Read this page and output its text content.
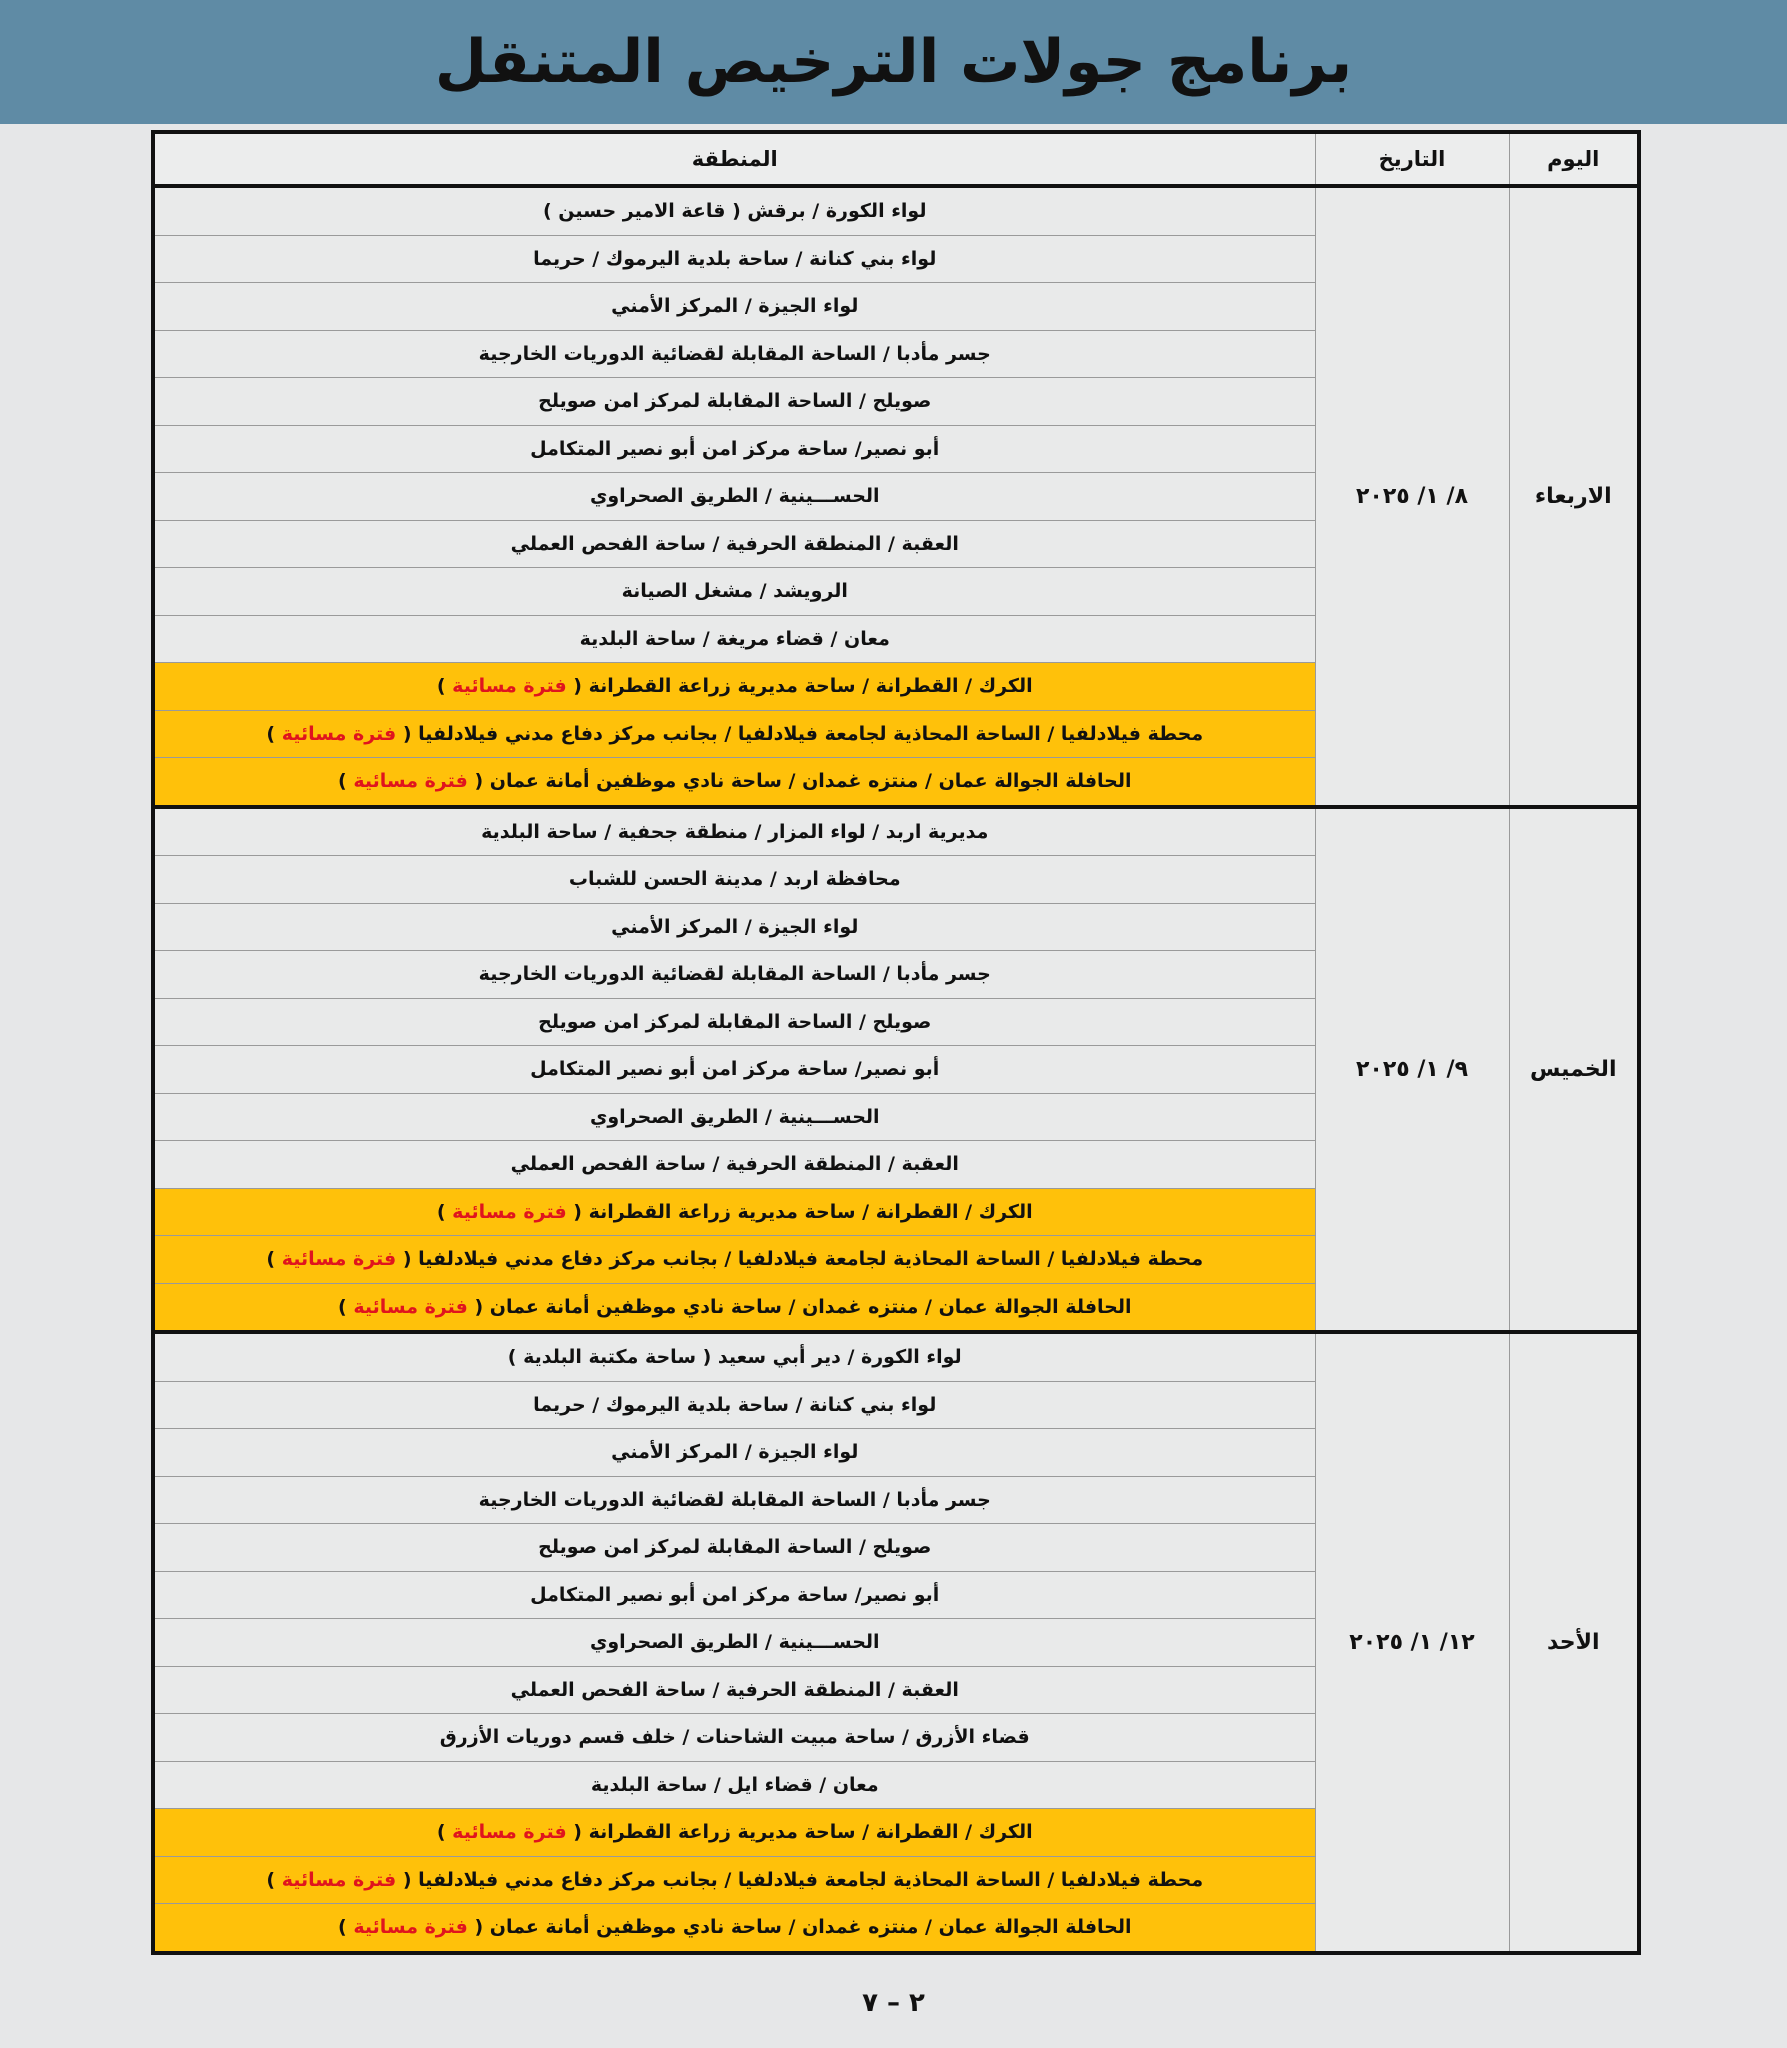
برنامج جولات الترخيص المتنقل
اليوم	التاريخ	المنطقة
الاربعاء	٨/ ١/ ٢٠٢٥	لواء الكورة / برقش ( قاعة الامير حسين )
		لواء بني كنانة / ساحة بلدية اليرموك / حريما
		لواء الجيزة / المركز الأمني
		جسر مأدبا / الساحة المقابلة لقضائية الدوريات الخارجية
		صويلح / الساحة المقابلة لمركز امن صويلح
		أبو نصير/ ساحة مركز امن أبو نصير المتكامل
		الحســـينية / الطريق الصحراوي
		العقبة / المنطقة الحرفية / ساحة الفحص العملي
		الرويشد / مشغل الصيانة
		معان / قضاء مريغة / ساحة البلدية
		الكرك / القطرانة / ساحة مديرية زراعة القطرانة ( فترة مسائية )
		محطة فيلادلفيا / الساحة المحاذية لجامعة فيلادلفيا / بجانب مركز دفاع مدني فيلادلفيا ( فترة مسائية )
		الحافلة الجوالة عمان / منتزه غمدان / ساحة نادي موظفين أمانة عمان ( فترة مسائية )
الخميس	٩/ ١/ ٢٠٢٥	مديرية اربد / لواء المزار / منطقة جحفية / ساحة البلدية
		محافظة اربد / مدينة الحسن للشباب
		لواء الجيزة / المركز الأمني
		جسر مأدبا / الساحة المقابلة لقضائية الدوريات الخارجية
		صويلح / الساحة المقابلة لمركز امن صويلح
		أبو نصير/ ساحة مركز امن أبو نصير المتكامل
		الحســـينية / الطريق الصحراوي
		العقبة / المنطقة الحرفية / ساحة الفحص العملي
		الكرك / القطرانة / ساحة مديرية زراعة القطرانة ( فترة مسائية )
		محطة فيلادلفيا / الساحة المحاذية لجامعة فيلادلفيا / بجانب مركز دفاع مدني فيلادلفيا ( فترة مسائية )
		الحافلة الجوالة عمان / منتزه غمدان / ساحة نادي موظفين أمانة عمان ( فترة مسائية )
الأحد	١٢/ ١/ ٢٠٢٥	لواء الكورة / دير أبي سعيد ( ساحة مكتبة البلدية )
		لواء بني كنانة / ساحة بلدية اليرموك / حريما
		لواء الجيزة / المركز الأمني
		جسر مأدبا / الساحة المقابلة لقضائية الدوريات الخارجية
		صويلح / الساحة المقابلة لمركز امن صويلح
		أبو نصير/ ساحة مركز امن أبو نصير المتكامل
		الحســـينية / الطريق الصحراوي
		العقبة / المنطقة الحرفية / ساحة الفحص العملي
		قضاء الأزرق / ساحة مبيت الشاحنات / خلف قسم دوريات الأزرق
		معان / قضاء ايل / ساحة البلدية
		الكرك / القطرانة / ساحة مديرية زراعة القطرانة ( فترة مسائية )
		محطة فيلادلفيا / الساحة المحاذية لجامعة فيلادلفيا / بجانب مركز دفاع مدني فيلادلفيا ( فترة مسائية )
		الحافلة الجوالة عمان / منتزه غمدان / ساحة نادي موظفين أمانة عمان ( فترة مسائية )
٢ – ٧
